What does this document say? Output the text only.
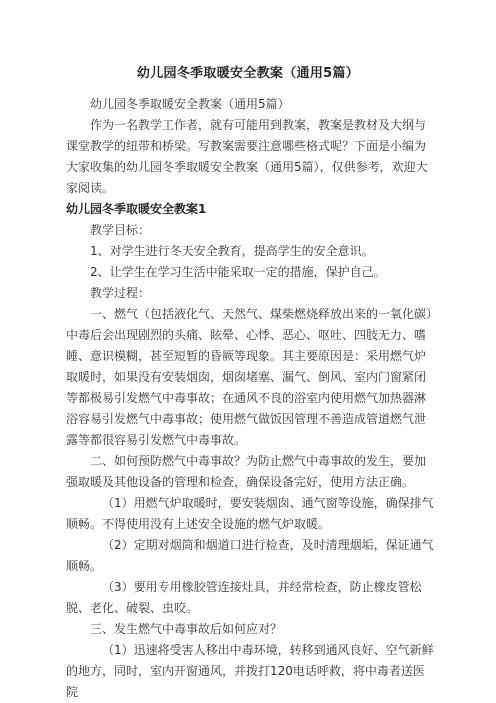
幼儿园冬季取暖安全教案（通用5篇）

幼儿园冬季取暖安全教案（通用5篇）

作为一名教学工作者，就有可能用到教案，教案是教材及大纲与课堂教学的纽带和桥梁。写教案需要注意哪些格式呢？下面是小编为大家收集的幼儿园冬季取暖安全教案（通用5篇），仅供参考，欢迎大家阅读。

幼儿园冬季取暖安全教案1

教学目标：

1、对学生进行冬天安全教育，提高学生的安全意识。

2、让学生在学习生活中能采取一定的措施，保护自己。

教学过程：

一、燃气（包括液化气、天然气、煤柴燃烧释放出来的一氧化碳）中毒后会出现剧烈的头痛、眩晕、心悸、恶心、呕吐、四肢无力、嗜睡、意识模糊，甚至短暂的昏厥等现象。其主要原因是：采用燃气炉取暖时，如果没有安装烟囱，烟囱堵塞、漏气、倒风、室内门窗紧闭等都极易引发燃气中毒事故；在通风不良的浴室内使用燃气加热器淋浴容易引发燃气中毒事故；使用燃气做饭因管理不善造成管道燃气泄露等都很容易引发燃气中毒事故。

二、如何预防燃气中毒事故？为防止燃气中毒事故的发生，要加强取暖及其他设备的管理和检查，确保设备完好，使用方法正确。

（1）用燃气炉取暖时，要安装烟囱、通气窗等设施，确保排气顺畅。不得使用没有上述安全设施的燃气炉取暖。

（2）定期对烟筒和烟道口进行检查，及时清理烟垢，保证通气顺畅。

（3）要用专用橡胶管连接灶具，并经常检查，防止橡皮管松脱、老化、破裂、虫咬。

三、发生燃气中毒事故后如何应对？

（1）迅速将受害人移出中毒环境，转移到通风良好、空气新鲜的地方，同时，室内开窗通风，并拨打120电话呼救，将中毒者送医院
